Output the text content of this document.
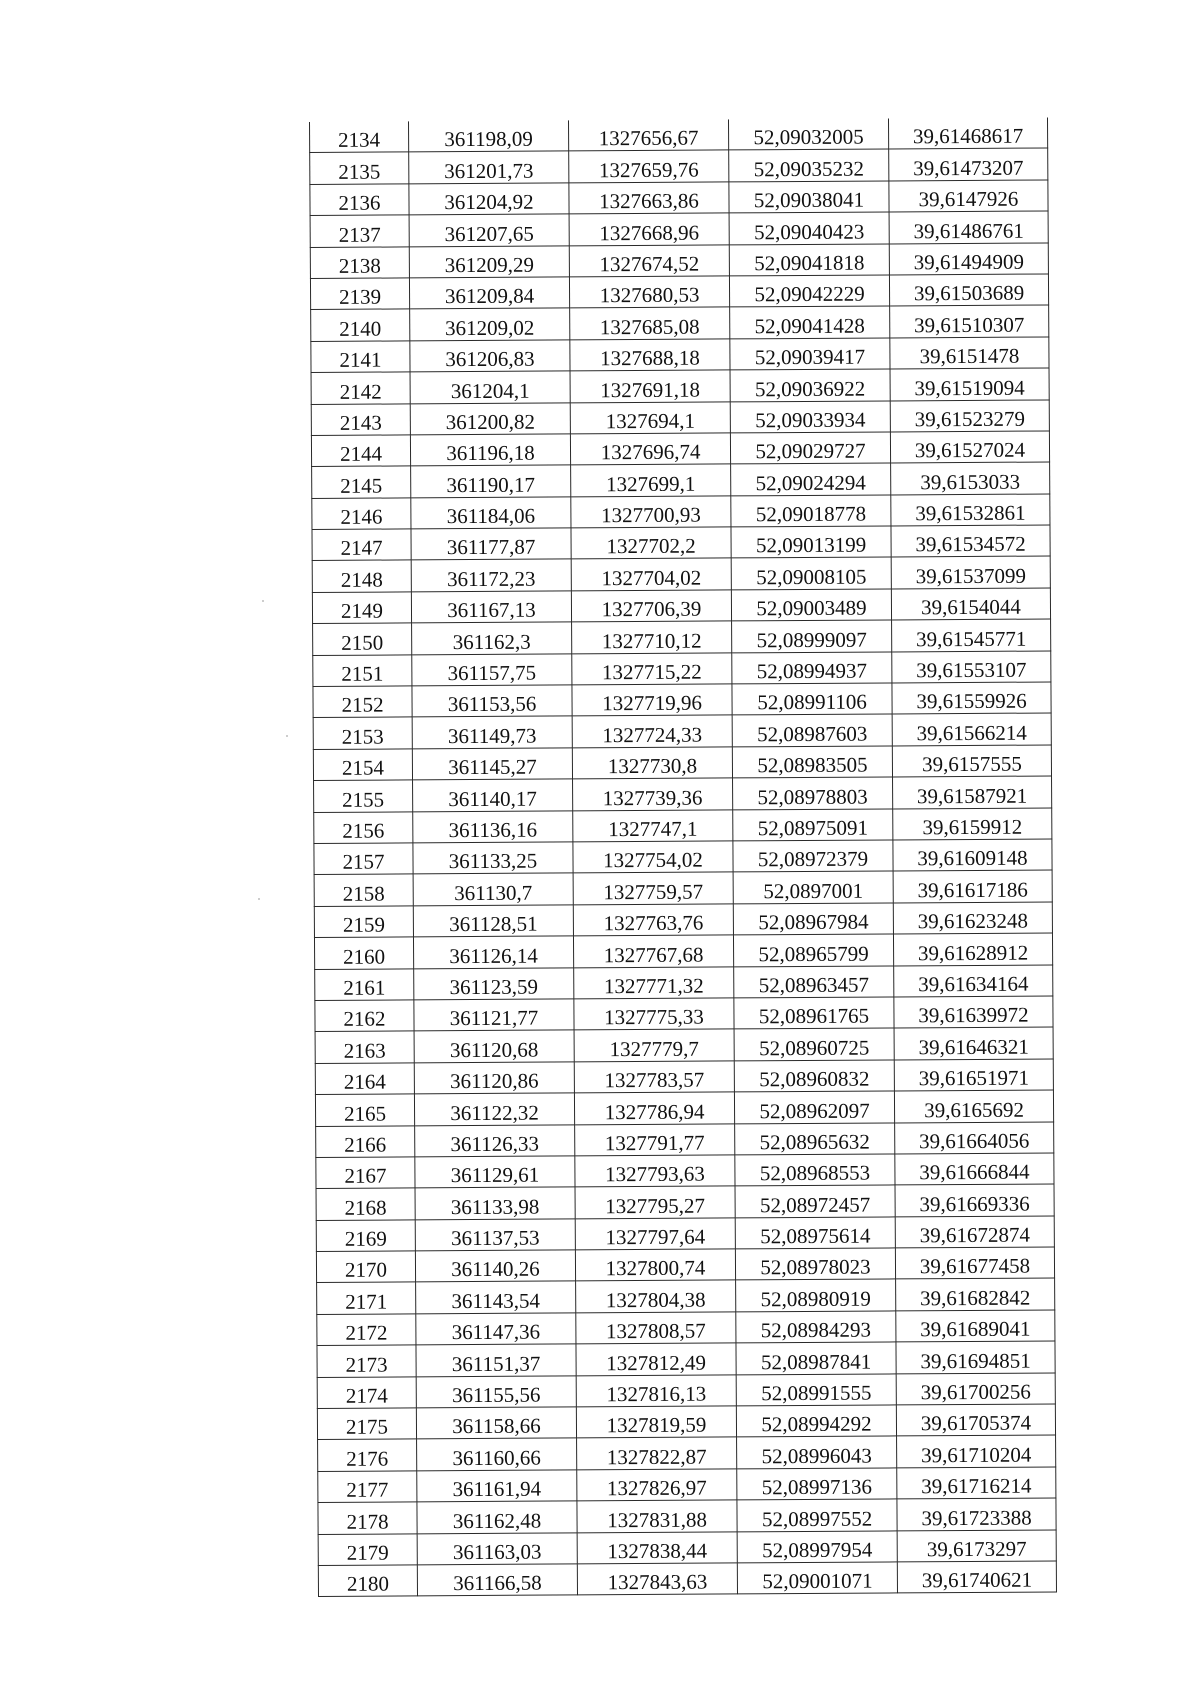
2134	361198,09	1327656,67	52,09032005	39,61468617
2135	361201,73	1327659,76	52,09035232	39,61473207
2136	361204,92	1327663,86	52,09038041	39,6147926
2137	361207,65	1327668,96	52,09040423	39,61486761
2138	361209,29	1327674,52	52,09041818	39,61494909
2139	361209,84	1327680,53	52,09042229	39,61503689
2140	361209,02	1327685,08	52,09041428	39,61510307
2141	361206,83	1327688,18	52,09039417	39,6151478
2142	361204,1	1327691,18	52,09036922	39,61519094
2143	361200,82	1327694,1	52,09033934	39,61523279
2144	361196,18	1327696,74	52,09029727	39,61527024
2145	361190,17	1327699,1	52,09024294	39,6153033
2146	361184,06	1327700,93	52,09018778	39,61532861
2147	361177,87	1327702,2	52,09013199	39,61534572
2148	361172,23	1327704,02	52,09008105	39,61537099
2149	361167,13	1327706,39	52,09003489	39,6154044
2150	361162,3	1327710,12	52,08999097	39,61545771
2151	361157,75	1327715,22	52,08994937	39,61553107
2152	361153,56	1327719,96	52,08991106	39,61559926
2153	361149,73	1327724,33	52,08987603	39,61566214
2154	361145,27	1327730,8	52,08983505	39,6157555
2155	361140,17	1327739,36	52,08978803	39,61587921
2156	361136,16	1327747,1	52,08975091	39,6159912
2157	361133,25	1327754,02	52,08972379	39,61609148
2158	361130,7	1327759,57	52,0897001	39,61617186
2159	361128,51	1327763,76	52,08967984	39,61623248
2160	361126,14	1327767,68	52,08965799	39,61628912
2161	361123,59	1327771,32	52,08963457	39,61634164
2162	361121,77	1327775,33	52,08961765	39,61639972
2163	361120,68	1327779,7	52,08960725	39,61646321
2164	361120,86	1327783,57	52,08960832	39,61651971
2165	361122,32	1327786,94	52,08962097	39,6165692
2166	361126,33	1327791,77	52,08965632	39,61664056
2167	361129,61	1327793,63	52,08968553	39,61666844
2168	361133,98	1327795,27	52,08972457	39,61669336
2169	361137,53	1327797,64	52,08975614	39,61672874
2170	361140,26	1327800,74	52,08978023	39,61677458
2171	361143,54	1327804,38	52,08980919	39,61682842
2172	361147,36	1327808,57	52,08984293	39,61689041
2173	361151,37	1327812,49	52,08987841	39,61694851
2174	361155,56	1327816,13	52,08991555	39,61700256
2175	361158,66	1327819,59	52,08994292	39,61705374
2176	361160,66	1327822,87	52,08996043	39,61710204
2177	361161,94	1327826,97	52,08997136	39,61716214
2178	361162,48	1327831,88	52,08997552	39,61723388
2179	361163,03	1327838,44	52,08997954	39,6173297
2180	361166,58	1327843,63	52,09001071	39,61740621
